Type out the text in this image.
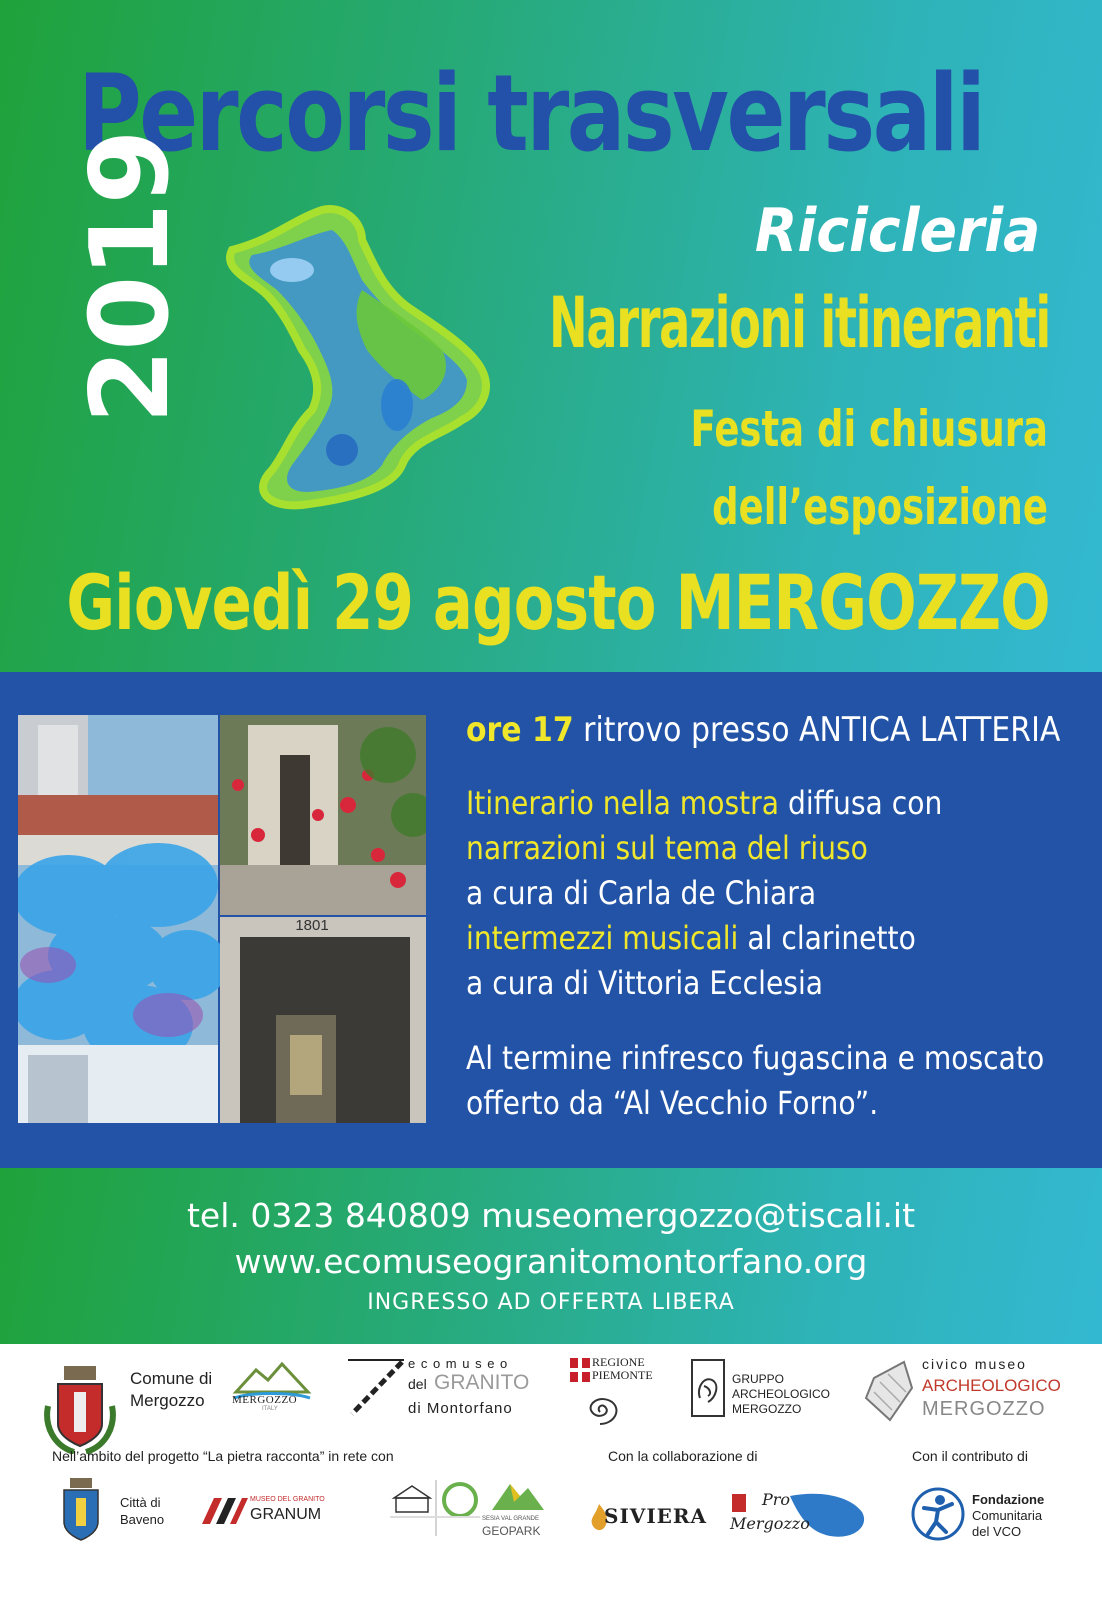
Percorsi trasversali
2019	Ricicleria
Narrazioni itineranti
Festa di chiusura
dell’esposizione
Giovedì 29 agosto MERGOZZO
1801
ore 17 ritrovo presso ANTICA LATTERIA
Itinerario nella mostra diffusa con
narrazioni sul tema del riuso
a cura di Carla de Chiara
intermezzi musicali al clarinetto
a cura di Vittoria Ecclesia
Al termine rinfresco fugascina e moscato
offerto da “Al Vecchio Forno”.
tel. 0323 840809 museomergozzo@tiscali.it
www.ecomuseogranitomontorfano.org
INGRESSO AD OFFERTA LIBERA
Comune di
Mergozzo	MERGOZZO
ITALY
e c o m u s e o
del GRANITO
di Montorfano
REGIONE
PIEMONTE	GRUPPO
ARCHEOLOGICO
MERGOZZO
civico museo
ARCHEOLOGICO
MERGOZZO
Nell’ambito del progetto “La pietra racconta” in rete con	Con la collaborazione di	Con il contributo di
Città di
Baveno
MUSEO DEL GRANITO
GRANUM	SESIA VAL GRANDE
GEOPARK
SIVIERA
Pro
Mergozzo
Fondazione
Comunitaria
del VCO
